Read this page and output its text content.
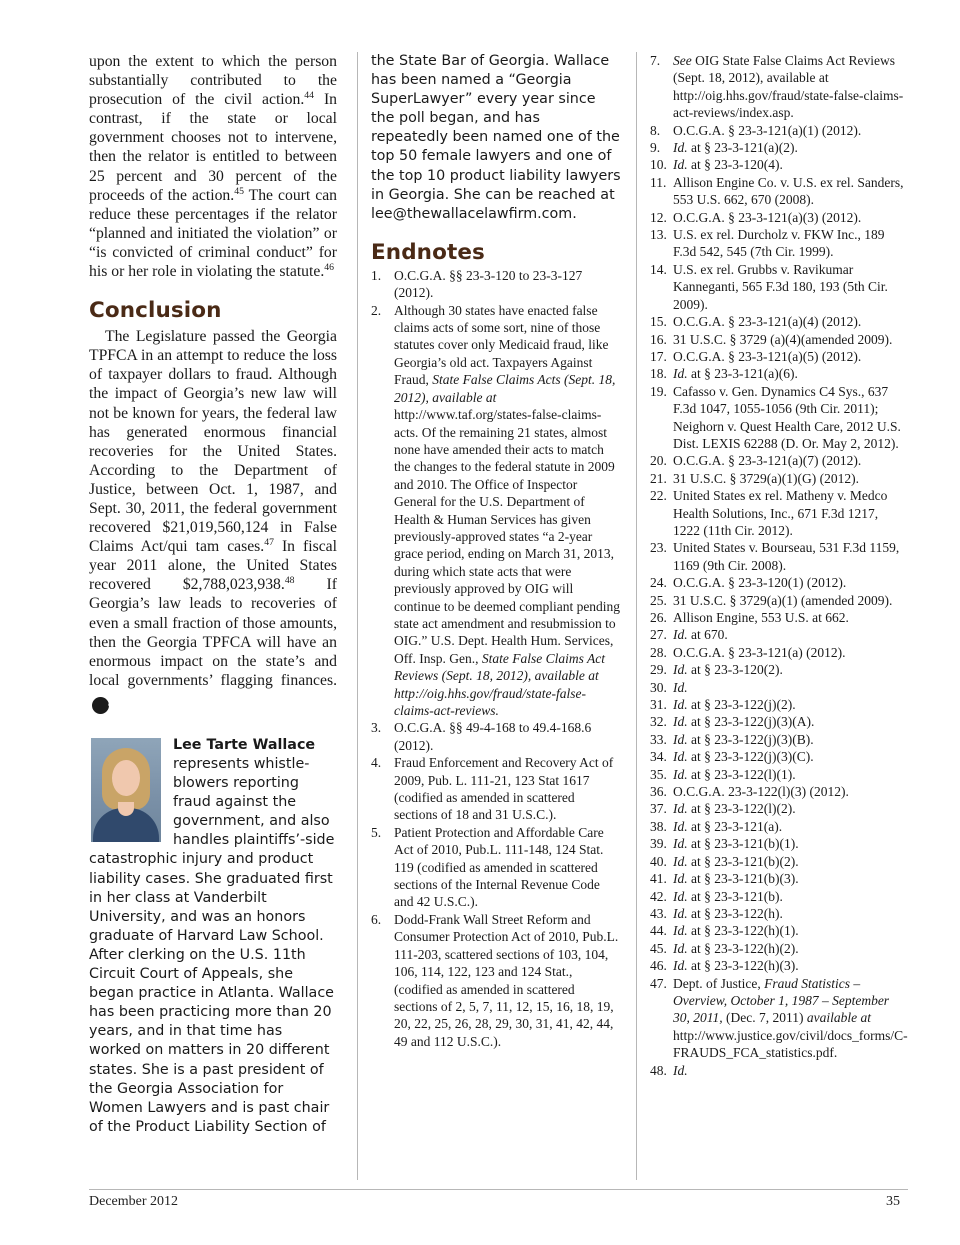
upon the extent to which the person substantially contributed to the prosecution of the civil action.$^{44}$ In contrast, if the state or local government chooses not to intervene, then the relator is entitled to between 25 percent and 30 percent of the proceeds of the action.$^{45}$ The court can reduce these percentages if the relator “planned and initiated the violation” or “is convicted of criminal conduct” for his or her role in violating the statute.$^{46}$

Conclusion

The Legislature passed the Georgia TPFCA in an attempt to reduce the loss of taxpayer dollars to fraud. Although the impact of Georgia’s new law will not be known for years, the federal law has generated enormous financial recoveries for the United States. According to the Department of Justice, between Oct. 1, 1987, and Sept. 30, 2011, the federal government recovered $21,019,560,124 in False Claims Act/qui tam cases.$^{47}$ In fiscal year 2011 alone, the United States recovered $2,788,023,938.48 If Georgia’s law leads to recoveries of even a small fraction of those amounts, then the Georgia TPFCA will have an enormous impact on the state’s and local governments’ flagging finances.GBJ

Lee Tarte Wallace represents whistleblowers reporting fraud against the government, and also handles plaintiffs’-side catastrophic injury and product liability cases. She graduated first in her class at Vanderbilt University, and was an honors graduate of Harvard Law School. After clerking on the U.S. 11th Circuit Court of Appeals, she began practice in Atlanta. Wallace has been practicing more than 20 years, and in that time has worked on matters in 20 different states. She is a past president of the Georgia Association for Women Lawyers and is past chair of the Product Liability Section of

the State Bar of Georgia. Wallace has been named a “Georgia SuperLawyer” every year since the poll began, and has repeatedly been named one of the top 50 female lawyers and one of the top 10 product liability lawyers in Georgia. She can be reached at lee@thewallacelawfirm.com.

Endnotes
1. O.C.G.A. §§ 23-3-120 to 23-3-127 (2012).
2. Although 30 states have enacted false claims acts of some sort, nine of those statutes cover only Medicaid fraud, like Georgia’s old act. Taxpayers Against Fraud, State False Claims Acts (Sept. 18, 2012), available at http://www.taf.org/states-false-claims-acts. Of the remaining 21 states, almost none have amended their acts to match the changes to the federal statute in 2009 and 2010. The Office of Inspector General for the U.S. Department of Health & Human Services has given previously-approved states “a 2-year grace period, ending on March 31, 2013, during which state acts that were previously approved by OIG will continue to be deemed compliant pending state act amendment and resubmission to OIG.” U.S. Dept. Health Hum. Services, Off. Insp. Gen., State False Claims Act Reviews (Sept. 18, 2012), available at http://oig.hhs.gov/fraud/state-false-claims-act-reviews.
3. O.C.G.A. §§ 49-4-168 to 49.4-168.6 (2012).
4. Fraud Enforcement and Recovery Act of 2009, Pub. L. 111-21, 123 Stat 1617 (codified as amended in scattered sections of 18 and 31 U.S.C.).
5. Patient Protection and Affordable Care Act of 2010, Pub.L. 111-148, 124 Stat. 119 (codified as amended in scattered sections of the Internal Revenue Code and 42 U.S.C.).
6. Dodd-Frank Wall Street Reform and Consumer Protection Act of 2010, Pub.L. 111-203, scattered sections of 103, 104, 106, 114, 122, 123 and 124 Stat., (codified as amended in scattered sections of 2, 5, 7, 11, 12, 15, 16, 18, 19, 20, 22, 25, 26, 28, 29, 30, 31, 41, 42, 44, 49 and 112 U.S.C.).
7. See OIG State False Claims Act Reviews (Sept. 18, 2012), available at http://oig.hhs.gov/fraud/state-false-claims-act-reviews/index.asp.
8. O.C.G.A. § 23-3-121(a)(1) (2012).
9. Id. at § 23-3-121(a)(2).
10. Id. at § 23-3-120(4).
11. Allison Engine Co. v. U.S. ex rel. Sanders, 553 U.S. 662, 670 (2008).
12. O.C.G.A. § 23-3-121(a)(3) (2012).
13. U.S. ex rel. Durcholz v. FKW Inc., 189 F.3d 542, 545 (7th Cir. 1999).
14. U.S. ex rel. Grubbs v. Ravikumar Kanneganti, 565 F.3d 180, 193 (5th Cir. 2009).
15. O.C.G.A. § 23-3-121(a)(4) (2012).
16. 31 U.S.C. § 3729 (a)(4)(amended 2009).
17. O.C.G.A. § 23-3-121(a)(5) (2012).
18. Id. at § 23-3-121(a)(6).
19. Cafasso v. Gen. Dynamics C4 Sys., 637 F.3d 1047, 1055-1056 (9th Cir. 2011); Neighorn v. Quest Health Care, 2012 U.S. Dist. LEXIS 62288 (D. Or. May 2, 2012).
20. O.C.G.A. § 23-3-121(a)(7) (2012).
21. 31 U.S.C. § 3729(a)(1)(G) (2012).
22. United States ex rel. Matheny v. Medco Health Solutions, Inc., 671 F.3d 1217, 1222 (11th Cir. 2012).
23. United States v. Bourseau, 531 F.3d 1159, 1169 (9th Cir. 2008).
24. O.C.G.A. § 23-3-120(1) (2012).
25. 31 U.S.C. § 3729(a)(1) (amended 2009).
26. Allison Engine, 553 U.S. at 662.
27. Id. at 670.
28. O.C.G.A. § 23-3-121(a) (2012).
29. Id. at § 23-3-120(2).
30. Id.
31. Id. at § 23-3-122(j)(2).
32. Id. at § 23-3-122(j)(3)(A).
33. Id. at § 23-3-122(j)(3)(B).
34. Id. at § 23-3-122(j)(3)(C).
35. Id. at § 23-3-122(l)(1).
36. O.C.G.A. 23-3-122(l)(3) (2012).
37. Id. at § 23-3-122(l)(2).
38. Id. at § 23-3-121(a).
39. Id. at § 23-3-121(b)(1).
40. Id. at § 23-3-121(b)(2).
41. Id. at § 23-3-121(b)(3).
42. Id. at § 23-3-121(b).
43. Id. at § 23-3-122(h).
44. Id. at § 23-3-122(h)(1).
45. Id. at § 23-3-122(h)(2).
46. Id. at § 23-3-122(h)(3).
47. Dept. of Justice, Fraud Statistics – Overview, October 1, 1987 – September 30, 2011, (Dec. 7, 2011) available at http://www.justice.gov/civil/docs_forms/C-FRAUDS_FCA_statistics.pdf.
48. Id.
December 2012	35
